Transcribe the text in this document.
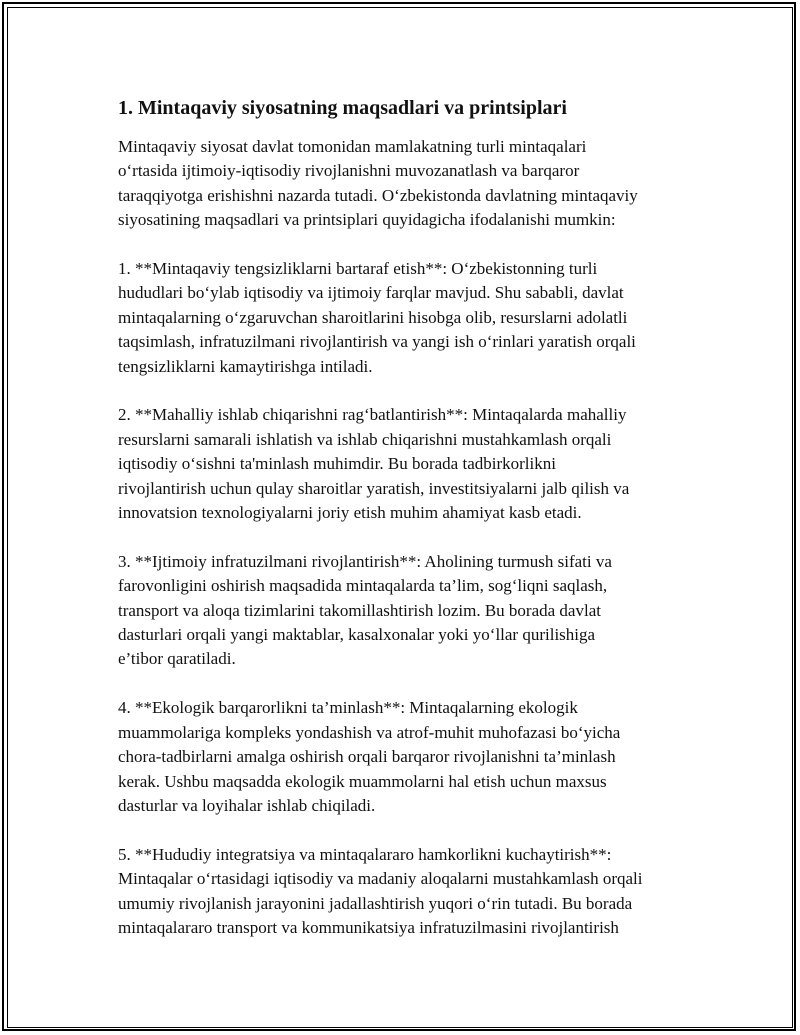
1. Mintaqaviy siyosatning maqsadlari va printsiplari
Mintaqaviy siyosat davlat tomonidan mamlakatning turli mintaqalari
o‘rtasida ijtimoiy-iqtisodiy rivojlanishni muvozanatlash va barqaror
taraqqiyotga erishishni nazarda tutadi. O‘zbekistonda davlatning mintaqaviy
siyosatining maqsadlari va printsiplari quyidagicha ifodalanishi mumkin:
1. **Mintaqaviy tengsizliklarni bartaraf etish**: O‘zbekistonning turli
hududlari bo‘ylab iqtisodiy va ijtimoiy farqlar mavjud. Shu sababli, davlat
mintaqalarning o‘zgaruvchan sharoitlarini hisobga olib, resurslarni adolatli
taqsimlash, infratuzilmani rivojlantirish va yangi ish o‘rinlari yaratish orqali
tengsizliklarni kamaytirishga intiladi.
2. **Mahalliy ishlab chiqarishni rag‘batlantirish**: Mintaqalarda mahalliy
resurslarni samarali ishlatish va ishlab chiqarishni mustahkamlash orqali
iqtisodiy o‘sishni ta'minlash muhimdir. Bu borada tadbirkorlikni
rivojlantirish uchun qulay sharoitlar yaratish, investitsiyalarni jalb qilish va
innovatsion texnologiyalarni joriy etish muhim ahamiyat kasb etadi.
3. **Ijtimoiy infratuzilmani rivojlantirish**: Aholining turmush sifati va
farovonligini oshirish maqsadida mintaqalarda ta’lim, sog‘liqni saqlash,
transport va aloqa tizimlarini takomillashtirish lozim. Bu borada davlat
dasturlari orqali yangi maktablar, kasalxonalar yoki yo‘llar qurilishiga
e’tibor qaratiladi.
4. **Ekologik barqarorlikni ta’minlash**: Mintaqalarning ekologik
muammolariga kompleks yondashish va atrof-muhit muhofazasi bo‘yicha
chora-tadbirlarni amalga oshirish orqali barqaror rivojlanishni ta’minlash
kerak. Ushbu maqsadda ekologik muammolarni hal etish uchun maxsus
dasturlar va loyihalar ishlab chiqiladi.
5. **Hududiy integratsiya va mintaqalararo hamkorlikni kuchaytirish**:
Mintaqalar o‘rtasidagi iqtisodiy va madaniy aloqalarni mustahkamlash orqali
umumiy rivojlanish jarayonini jadallashtirish yuqori o‘rin tutadi. Bu borada
mintaqalararo transport va kommunikatsiya infratuzilmasini rivojlantirish
